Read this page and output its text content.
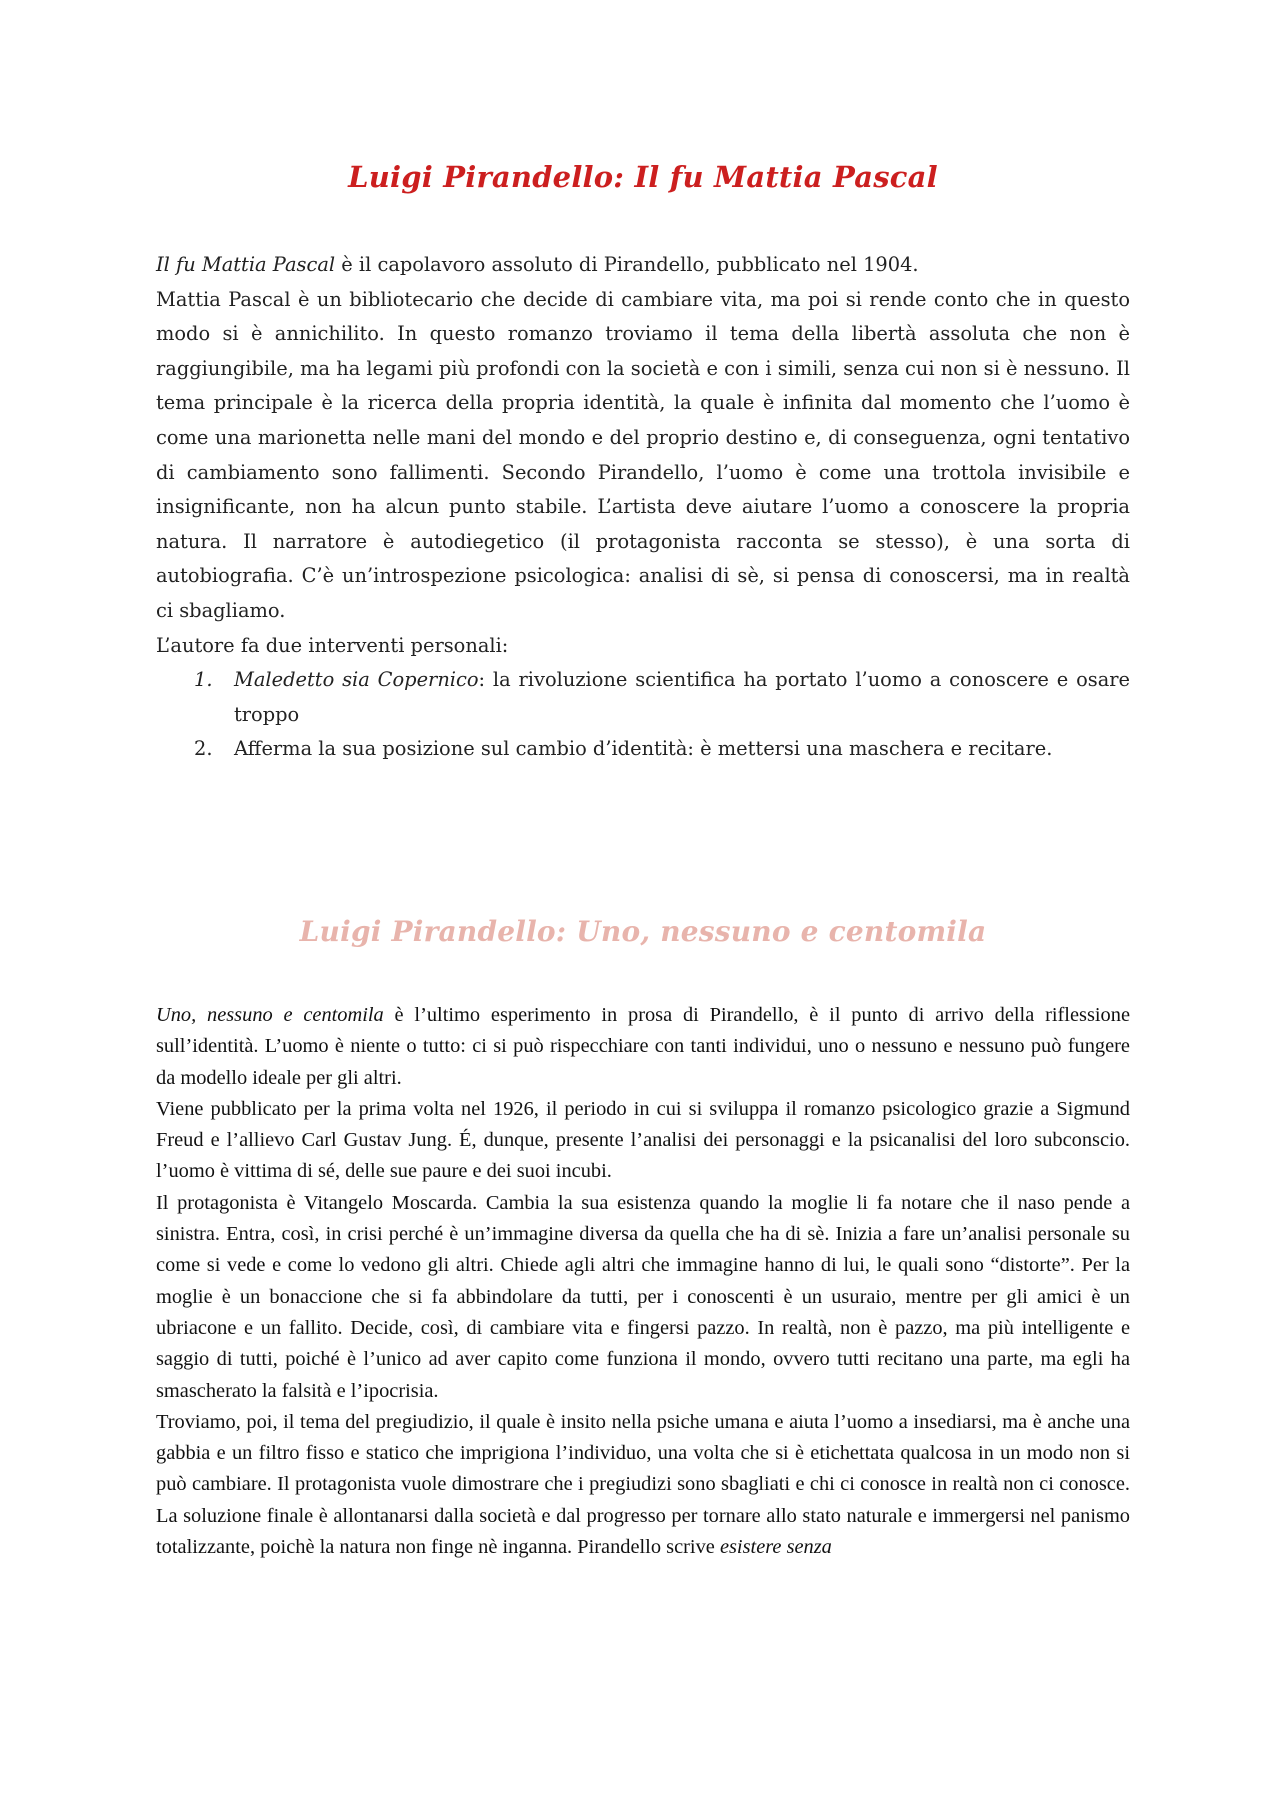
Luigi Pirandello: Il fu Mattia Pascal

Il fu Mattia Pascal è il capolavoro assoluto di Pirandello, pubblicato nel 1904.

Mattia Pascal è un bibliotecario che decide di cambiare vita, ma poi si rende conto che in questo modo si è annichilito. In questo romanzo troviamo il tema della libertà assoluta che non è raggiungibile, ma ha legami più profondi con la società e con i simili, senza cui non si è nessuno. Il tema principale è la ricerca della propria identità, la quale è infinita dal momento che l’uomo è come una marionetta nelle mani del mondo e del proprio destino e, di conseguenza, ogni tentativo di cambiamento sono fallimenti. Secondo Pirandello, l’uomo è come una trottola invisibile e insignificante, non ha alcun punto stabile. L’artista deve aiutare l’uomo a conoscere la propria natura. Il narratore è autodiegetico (il protagonista racconta se stesso), è una sorta di autobiografia. C’è un’introspezione psicologica: analisi di sè, si pensa di conoscersi, ma in realtà ci sbagliamo.

L’autore fa due interventi personali:

1. Maledetto sia Copernico: la rivoluzione scientifica ha portato l’uomo a conoscere e osare troppo
2. Afferma la sua posizione sul cambio d’identità: è mettersi una maschera e recitare.
Luigi Pirandello: Uno, nessuno e centomila

Uno, nessuno e centomila è l’ultimo esperimento in prosa di Pirandello, è il punto di arrivo della riflessione sull’identità. L’uomo è niente o tutto: ci si può rispecchiare con tanti individui, uno o nessuno e nessuno può fungere da modello ideale per gli altri.

Viene pubblicato per la prima volta nel 1926, il periodo in cui si sviluppa il romanzo psicologico grazie a Sigmund Freud e l’allievo Carl Gustav Jung. É, dunque, presente l’analisi dei personaggi e la psicanalisi del loro subconscio. l’uomo è vittima di sé, delle sue paure e dei suoi incubi.

Il protagonista è Vitangelo Moscarda. Cambia la sua esistenza quando la moglie li fa notare che il naso pende a sinistra. Entra, così, in crisi perché è un’immagine diversa da quella che ha di sè. Inizia a fare un’analisi personale su come si vede e come lo vedono gli altri. Chiede agli altri che immagine hanno di lui, le quali sono “distorte”. Per la moglie è un bonaccione che si fa abbindolare da tutti, per i conoscenti è un usuraio, mentre per gli amici è un ubriacone e un fallito. Decide, così, di cambiare vita e fingersi pazzo. In realtà, non è pazzo, ma più intelligente e saggio di tutti, poiché è l’unico ad aver capito come funziona il mondo, ovvero tutti recitano una parte, ma egli ha smascherato la falsità e l’ipocrisia.

Troviamo, poi, il tema del pregiudizio, il quale è insito nella psiche umana e aiuta l’uomo a insediarsi, ma è anche una gabbia e un filtro fisso e statico che imprigiona l’individuo, una volta che si è etichettata qualcosa in un modo non si può cambiare. Il protagonista vuole dimostrare che i pregiudizi sono sbagliati e chi ci conosce in realtà non ci conosce. La soluzione finale è allontanarsi dalla società e dal progresso per tornare allo stato naturale e immergersi nel panismo totalizzante, poichè la natura non finge nè inganna. Pirandello scrive esistere senza
